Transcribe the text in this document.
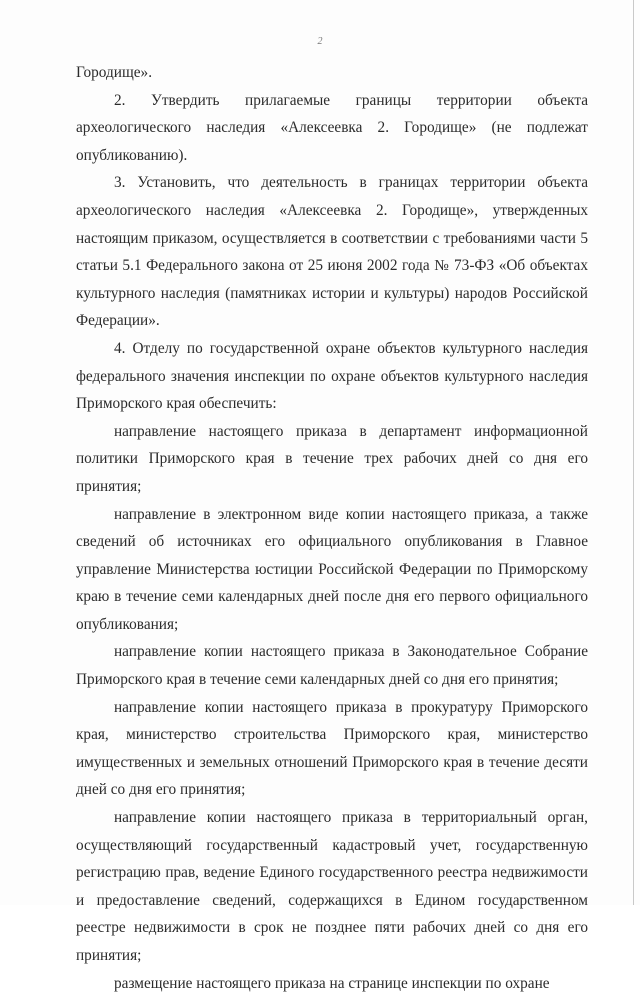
2

Городище».

2. Утвердить прилагаемые границы территории объекта археологического наследия «Алексеевка 2. Городище» (не подлежат опубликованию).

3. Установить, что деятельность в границах территории объекта археологического наследия «Алексеевка 2. Городище», утвержденных настоящим приказом, осуществляется в соответствии с требованиями части 5 статьи 5.1 Федерального закона от 25 июня 2002 года № 73-ФЗ «Об объектах культурного наследия (памятниках истории и культуры) народов Российской Федерации».

4. Отделу по государственной охране объектов культурного наследия федерального значения инспекции по охране объектов культурного наследия Приморского края обеспечить:

направление настоящего приказа в департамент информационной политики Приморского края в течение трех рабочих дней со дня его принятия;

направление в электронном виде копии настоящего приказа, а также сведений об источниках его официального опубликования в Главное управление Министерства юстиции Российской Федерации по Приморскому краю в течение семи календарных дней после дня его первого официального опубликования;

направление копии настоящего приказа в Законодательное Собрание Приморского края в течение семи календарных дней со дня его принятия;

направление копии настоящего приказа в прокуратуру Приморского края, министерство строительства Приморского края, министерство имущественных и земельных отношений Приморского края в течение десяти дней со дня его принятия;

направление копии настоящего приказа в территориальный орган, осуществляющий государственный кадастровый учет, государственную регистрацию прав, ведение Единого государственного реестра недвижимости и предоставление сведений, содержащихся в Едином государственном реестре недвижимости в срок не позднее пяти рабочих дней со дня его принятия;

размещение настоящего приказа на странице инспекции по охране
